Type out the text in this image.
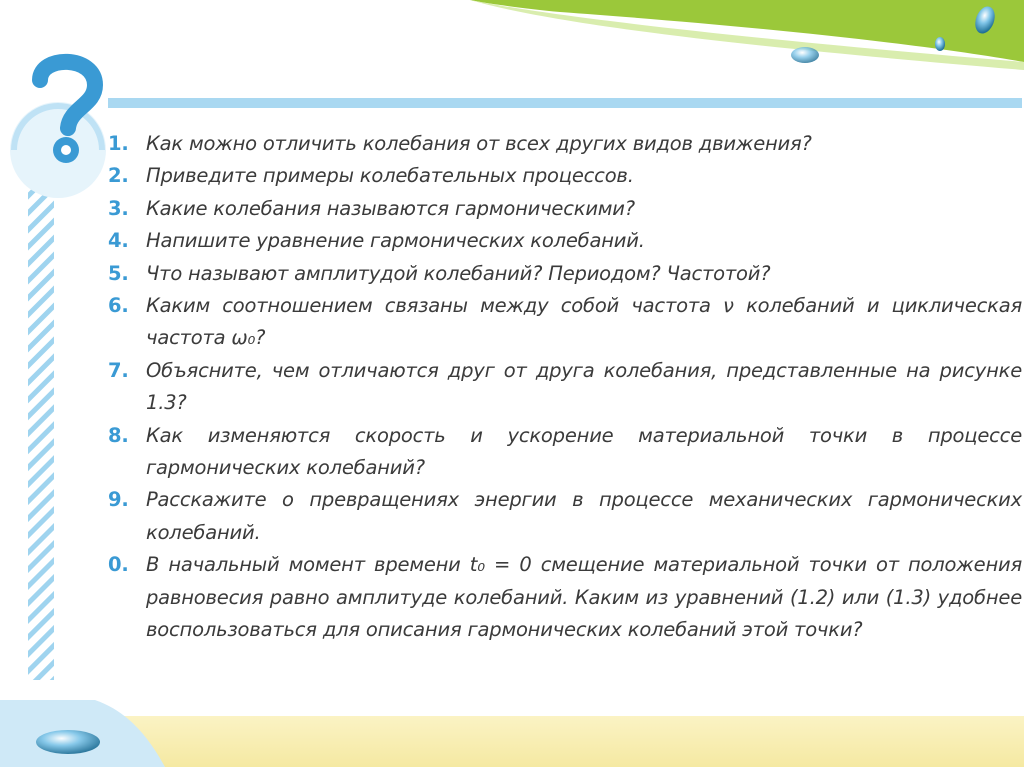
1. Как можно отличить колебания от всех других видов движения?
2. Приведите примеры колебательных процессов.
3. Какие колебания называются гармоническими?
4. Напишите уравнение гармонических колебаний.
5. Что называют амплитудой колебаний? Периодом? Частотой?
6. Каким соотношением связаны между собой частота ν колебаний и циклическая частота ω₀?
7. Объясните, чем отличаются друг от друга колебания, представленные на рисунке 1.3?
8. Как изменяются скорость и ускорение материальной точки в процессе гармонических колебаний?
9. Расскажите о превращениях энергии в процессе механических гармонических колебаний.
0. В начальный момент времени t₀ = 0 смещение материальной точки от положения равновесия равно амплитуде колебаний. Каким из уравнений (1.2) или (1.3) удобнее воспользоваться для описания гармонических колебаний этой точки?
